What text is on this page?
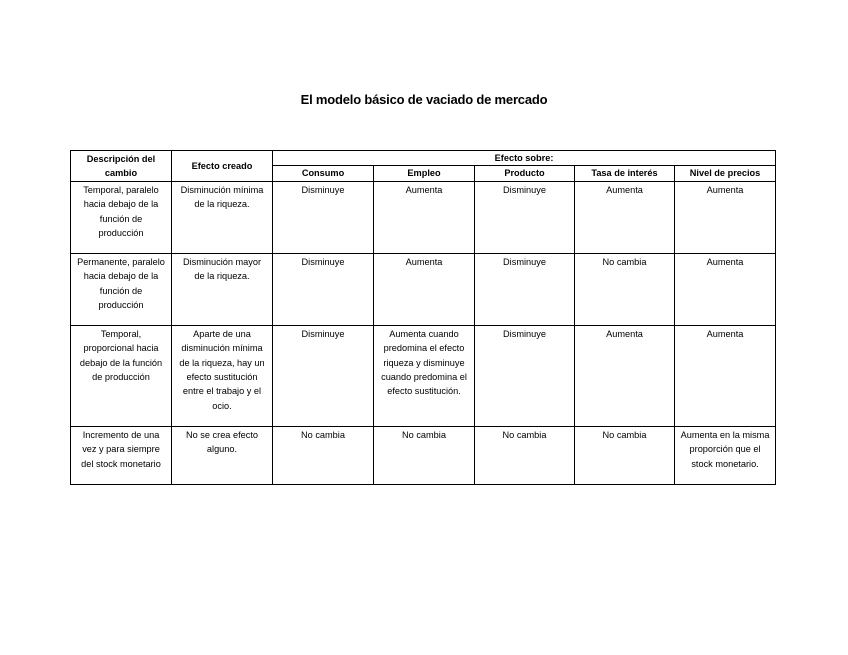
El modelo básico de vaciado de mercado
Descripción del cambio	Efecto creado	Efecto sobre:				
		Consumo	Empleo	Producto	Tasa de interés	Nivel de precios
Temporal, paralelo hacia debajo de la función de producción	Disminución mínima de la riqueza.	Disminuye	Aumenta	Disminuye	Aumenta	Aumenta
Permanente, paralelo hacia debajo de la función de producción	Disminución mayor de la riqueza.	Disminuye	Aumenta	Disminuye	No cambia	Aumenta
Temporal, proporcional hacia debajo de la función de producción	Aparte de una disminución mínima de la riqueza, hay un efecto sustitución entre el trabajo y el ocio.	Disminuye	Aumenta cuando predomina el efecto riqueza y disminuye cuando predomina el efecto sustitución.	Disminuye	Aumenta	Aumenta
Incremento de una vez y para siempre del stock monetario	No se crea efecto alguno.	No cambia	No cambia	No cambia	No cambia	Aumenta en la misma proporción que el stock monetario.
